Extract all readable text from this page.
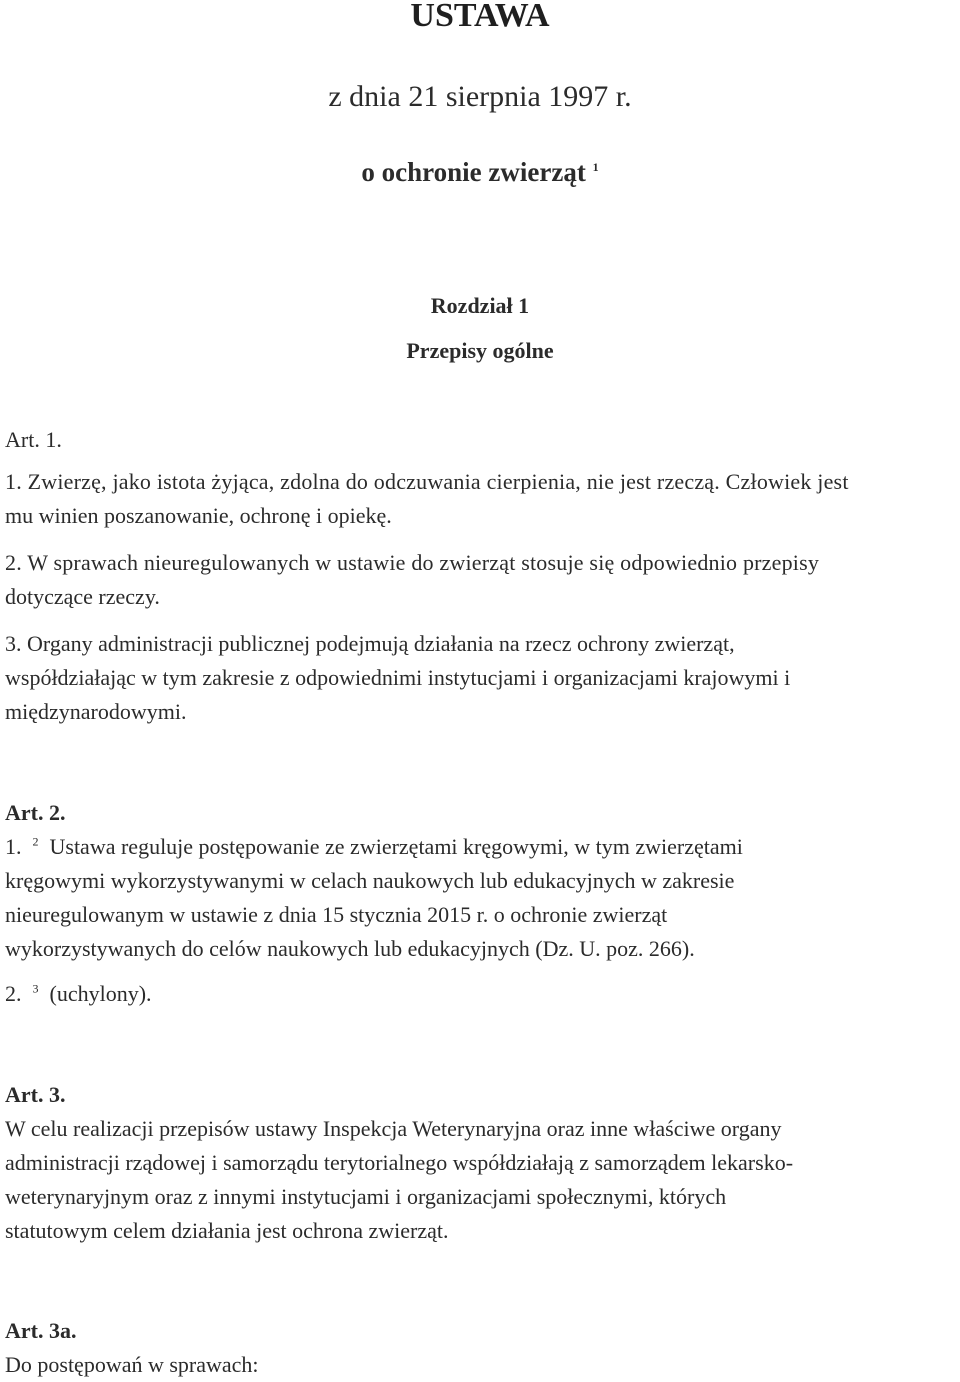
USTAWA
z dnia 21 sierpnia 1997 r.
o ochronie zwierząt $^1$
Rozdział 1
Przepisy ogólne
Art. 1.
1. Zwierzę, jako istota żyjąca, zdolna do odczuwania cierpienia, nie jest rzeczą. Człowiek jest
mu winien poszanowanie, ochronę i opiekę.
2. W sprawach nieuregulowanych w ustawie do zwierząt stosuje się odpowiednio przepisy
dotyczące rzeczy.
3. Organy administracji publicznej podejmują działania na rzecz ochrony zwierząt,
współdziałając w tym zakresie z odpowiednimi instytucjami i organizacjami krajowymi i
międzynarodowymi.
Art. 2.
1. $^2$ Ustawa reguluje postępowanie ze zwierzętami kręgowymi, w tym zwierzętami
kręgowymi wykorzystywanymi w celach naukowych lub edukacyjnych w zakresie
nieuregulowanym w ustawie z dnia 15 stycznia 2015 r. o ochronie zwierząt
wykorzystywanych do celów naukowych lub edukacyjnych (Dz. U. poz. 266).
2. $^3$ (uchylony).
Art. 3.
W celu realizacji przepisów ustawy Inspekcja Weterynaryjna oraz inne właściwe organy
administracji rządowej i samorządu terytorialnego współdziałają z samorządem lekarsko-
weterynaryjnym oraz z innymi instytucjami i organizacjami społecznymi, których
statutowym celem działania jest ochrona zwierząt.
Art. 3a.
Do postępowań w sprawach:
